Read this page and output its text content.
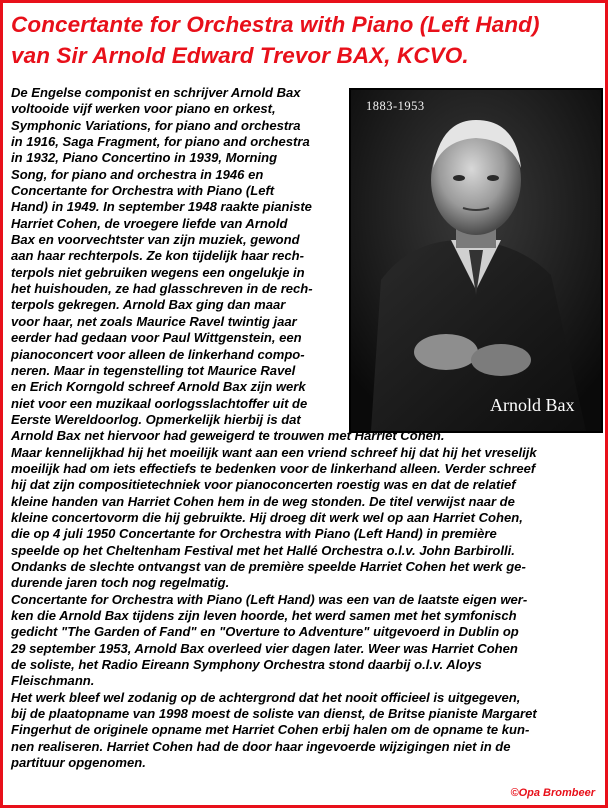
Concertante for Orchestra with Piano (Left Hand)
van Sir Arnold Edward Trevor BAX, KCVO.
1883-1953
Arnold Bax
De Engelse componist en schrijver Arnold Bax
voltooide vijf werken voor piano en orkest,
Symphonic Variations, for piano and orchestra
in 1916, Saga Fragment, for piano and orchestra
in 1932, Piano Concertino in 1939, Morning
Song, for piano and orchestra in 1946 en
Concertante for Orchestra with Piano (Left
Hand) in 1949. In september 1948 raakte pianiste
Harriet Cohen, de vroegere liefde van Arnold
Bax en voorvechtster van zijn muziek, gewond
aan haar rechterpols. Ze kon tijdelijk haar rech-
terpols niet gebruiken wegens een ongelukje in
het huishouden, ze had glasschreven in de rech-
terpols gekregen. Arnold Bax ging dan maar
voor haar, net zoals Maurice Ravel twintig jaar
eerder had gedaan voor Paul Wittgenstein, een
pianoconcert voor alleen de linkerhand compo-
neren. Maar in tegenstelling tot Maurice Ravel
en Erich Korngold schreef Arnold Bax zijn werk
niet voor een muzikaal oorlogsslachtoffer uit de
Eerste Wereldoorlog. Opmerkelijk hierbij is dat
Arnold Bax net hiervoor had geweigerd te trouwen met Harriet Cohen.
Maar kennelijkhad hij het moeilijk want aan een vriend schreef hij dat hij het vreselijk
moeilijk had om iets effectiefs te bedenken voor de linkerhand alleen. Verder schreef
hij dat zijn compositietechniek voor pianoconcerten roestig was en dat de relatief
kleine handen van Harriet Cohen hem in de weg stonden. De titel verwijst naar de
kleine concertovorm die hij gebruikte. Hij droeg dit werk wel op aan Harriet Cohen,
die op 4 juli 1950 Concertante for Orchestra with Piano (Left Hand) in première
speelde op het Cheltenham Festival met het Hallé Orchestra o.l.v. John Barbirolli.
Ondanks de slechte ontvangst van de première speelde Harriet Cohen het werk ge-
durende jaren toch nog regelmatig.
Concertante for Orchestra with Piano (Left Hand) was een van de laatste eigen wer-
ken die Arnold Bax tijdens zijn leven hoorde, het werd samen met het symfonisch
gedicht "The Garden of Fand" en "Overture to Adventure" uitgevoerd in Dublin op
29 september 1953, Arnold Bax overleed vier dagen later. Weer was Harriet Cohen
de soliste, het Radio Eireann Symphony Orchestra stond daarbij o.l.v. Aloys
Fleischmann.
Het werk bleef wel zodanig op de achtergrond dat het nooit officieel is uitgegeven,
bij de plaatopname van 1998 moest de soliste van dienst, de Britse pianiste Margaret
Fingerhut de originele opname met Harriet Cohen erbij halen om de opname te kun-
nen realiseren. Harriet Cohen had de door haar ingevoerde wijzigingen niet in de
partituur opgenomen.
©Opa Brombeer
